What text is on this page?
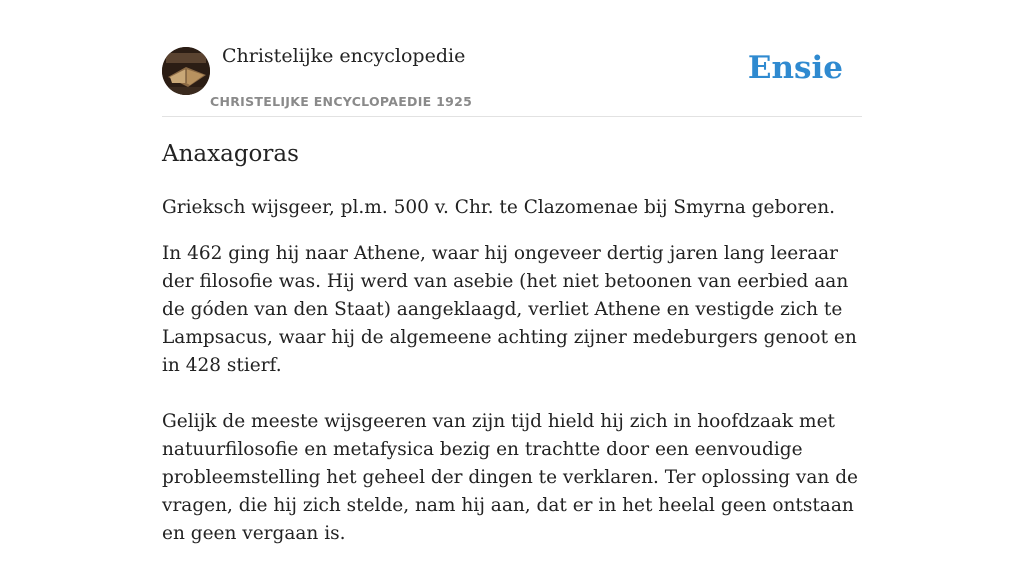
Christelijke encyclopedie
CHRISTELIJKE ENCYCLOPAEDIE 1925
Ensie
Anaxagoras

Grieksch wijsgeer, pl.m. 500 v. Chr. te Clazomenae bij Smyrna geboren.

In 462 ging hij naar Athene, waar hij ongeveer dertig jaren lang leeraar der filosofie was. Hij werd van asebie (het niet betoonen van eerbied aan de góden van den Staat) aangeklaagd, verliet Athene en vestigde zich te Lampsacus, waar hij de algemeene achting zijner medeburgers genoot en in 428 stierf.

Gelijk de meeste wijsgeeren van zijn tijd hield hij zich in hoofdzaak met natuurfilosofie en metafysica bezig en trachtte door een eenvoudige probleemstelling het geheel der dingen te verklaren. Ter oplossing van de vragen, die hij zich stelde, nam hij aan, dat er in het heelal geen ontstaan en geen vergaan is.
